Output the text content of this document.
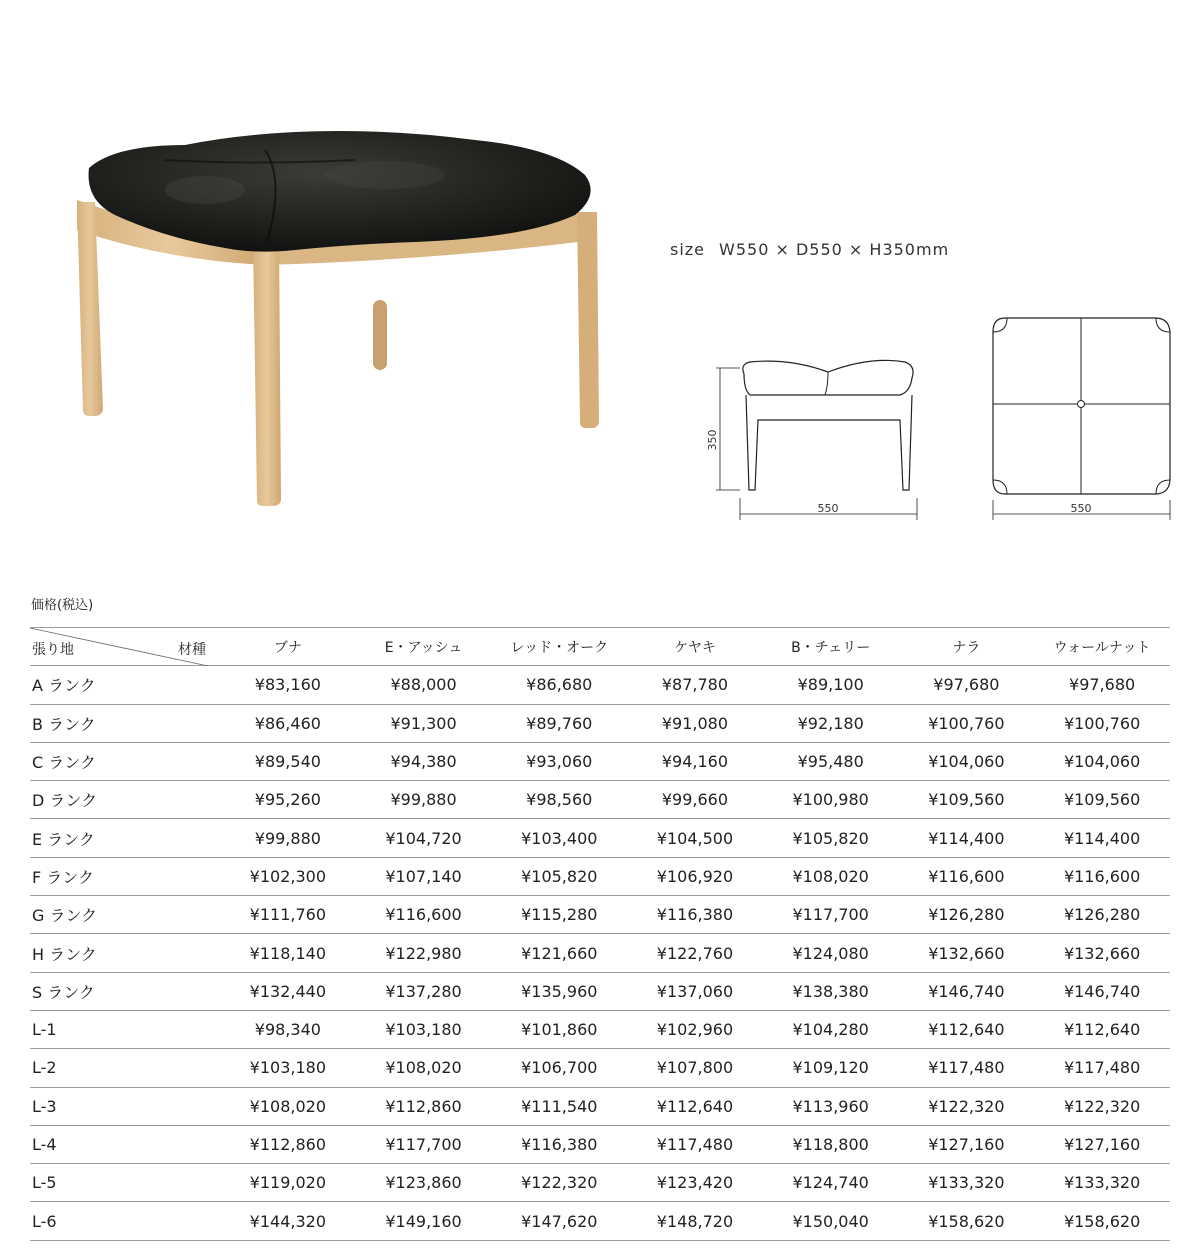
size W550 × D550 × H350mm
350
550	550
価格(税込)
張り地 材種	ブナ	E・アッシュ	レッド・オーク	ケヤキ	B・チェリー	ナラ	ウォールナット
A ランク	¥83,160	¥88,000	¥86,680	¥87,780	¥89,100	¥97,680	¥97,680
B ランク	¥86,460	¥91,300	¥89,760	¥91,080	¥92,180	¥100,760	¥100,760
C ランク	¥89,540	¥94,380	¥93,060	¥94,160	¥95,480	¥104,060	¥104,060
D ランク	¥95,260	¥99,880	¥98,560	¥99,660	¥100,980	¥109,560	¥109,560
E ランク	¥99,880	¥104,720	¥103,400	¥104,500	¥105,820	¥114,400	¥114,400
F ランク	¥102,300	¥107,140	¥105,820	¥106,920	¥108,020	¥116,600	¥116,600
G ランク	¥111,760	¥116,600	¥115,280	¥116,380	¥117,700	¥126,280	¥126,280
H ランク	¥118,140	¥122,980	¥121,660	¥122,760	¥124,080	¥132,660	¥132,660
S ランク	¥132,440	¥137,280	¥135,960	¥137,060	¥138,380	¥146,740	¥146,740
L-1	¥98,340	¥103,180	¥101,860	¥102,960	¥104,280	¥112,640	¥112,640
L-2	¥103,180	¥108,020	¥106,700	¥107,800	¥109,120	¥117,480	¥117,480
L-3	¥108,020	¥112,860	¥111,540	¥112,640	¥113,960	¥122,320	¥122,320
L-4	¥112,860	¥117,700	¥116,380	¥117,480	¥118,800	¥127,160	¥127,160
L-5	¥119,020	¥123,860	¥122,320	¥123,420	¥124,740	¥133,320	¥133,320
L-6	¥144,320	¥149,160	¥147,620	¥148,720	¥150,040	¥158,620	¥158,620
